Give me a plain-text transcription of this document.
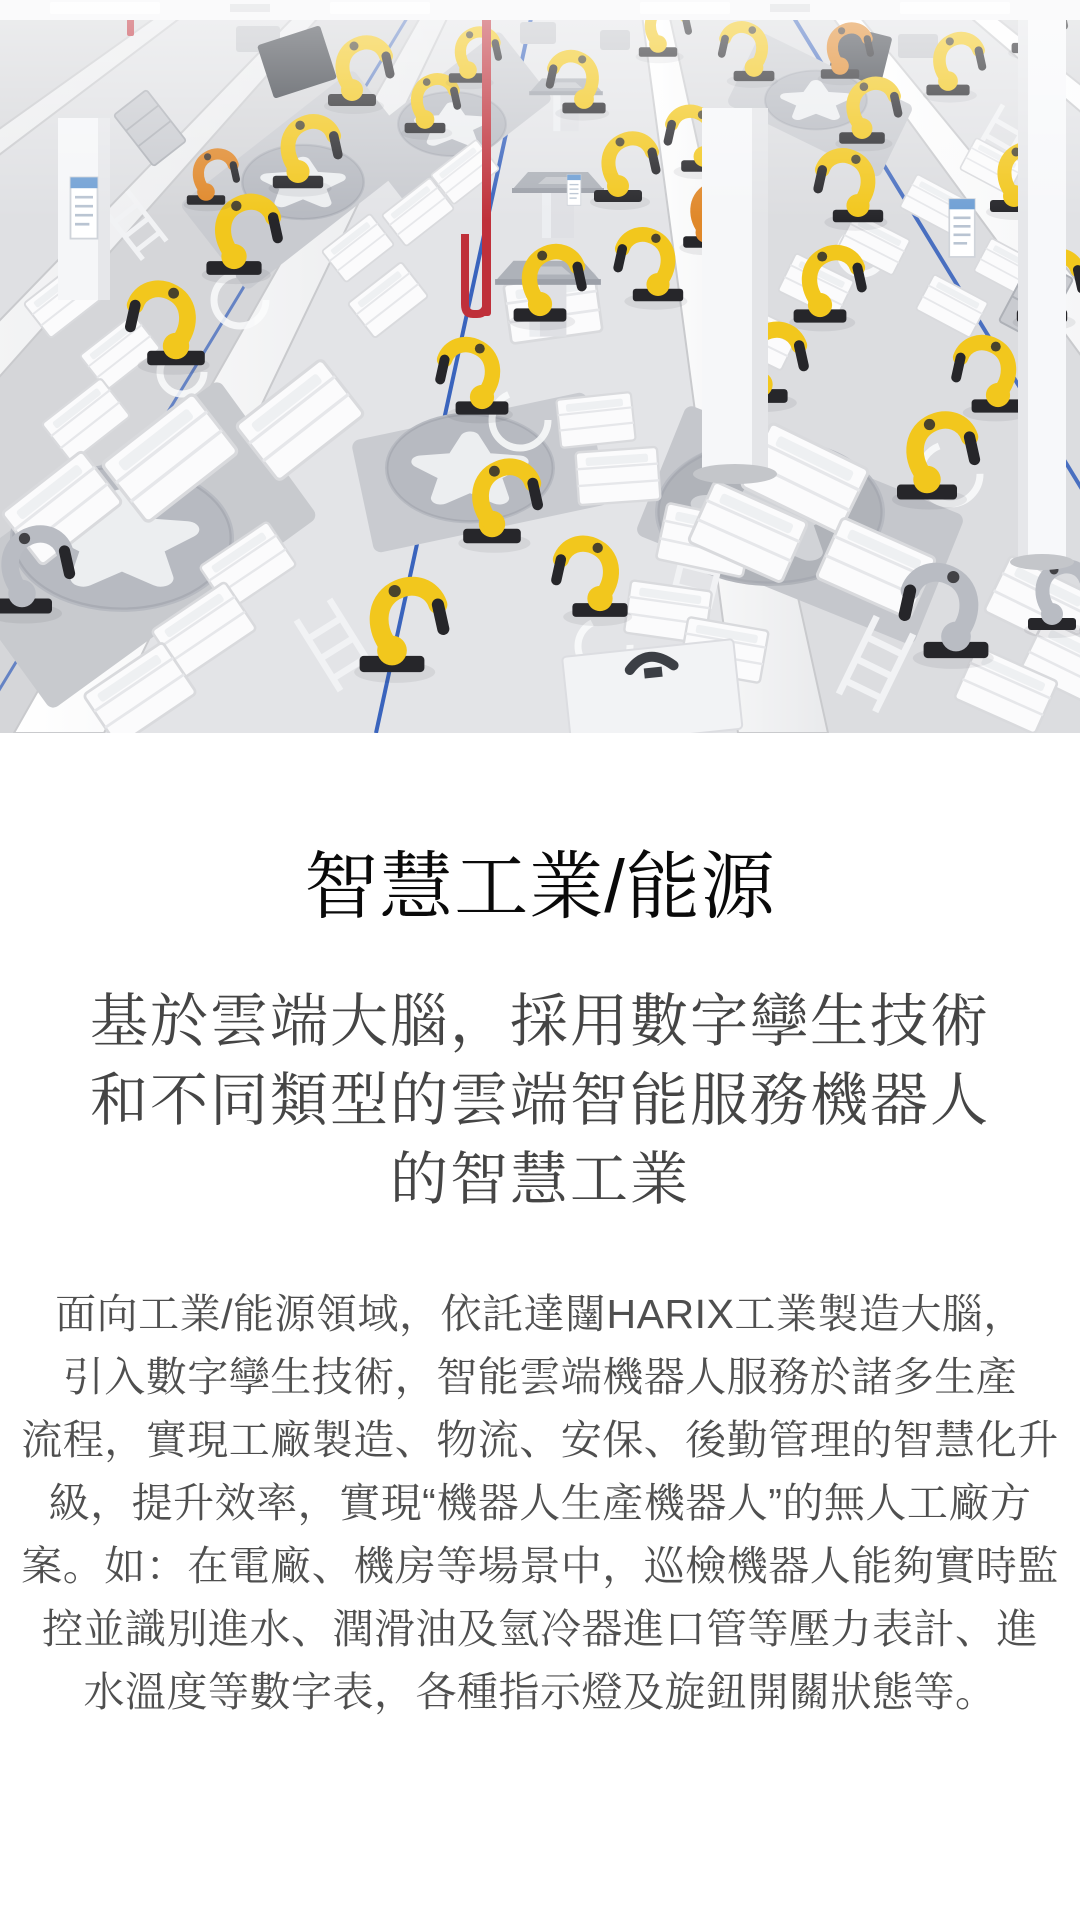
智慧工業/能源
基於雲端大腦，採用數字孿生技術
和不同類型的雲端智能服務機器人
的智慧工業
面向工業/能源領域，依託達闥HARIX工業製造大腦，
引入數字孿生技術，智能雲端機器人服務於諸多生產
流程，實現工廠製造、物流、安保、後勤管理的智慧化升
級，提升效率，實現“機器人生產機器人”的無人工廠方
案。如：在電廠、機房等場景中，巡檢機器人能夠實時監
控並識別進水、潤滑油及氫冷器進口管等壓力表計、進
水溫度等數字表，各種指示燈及旋鈕開關狀態等。
